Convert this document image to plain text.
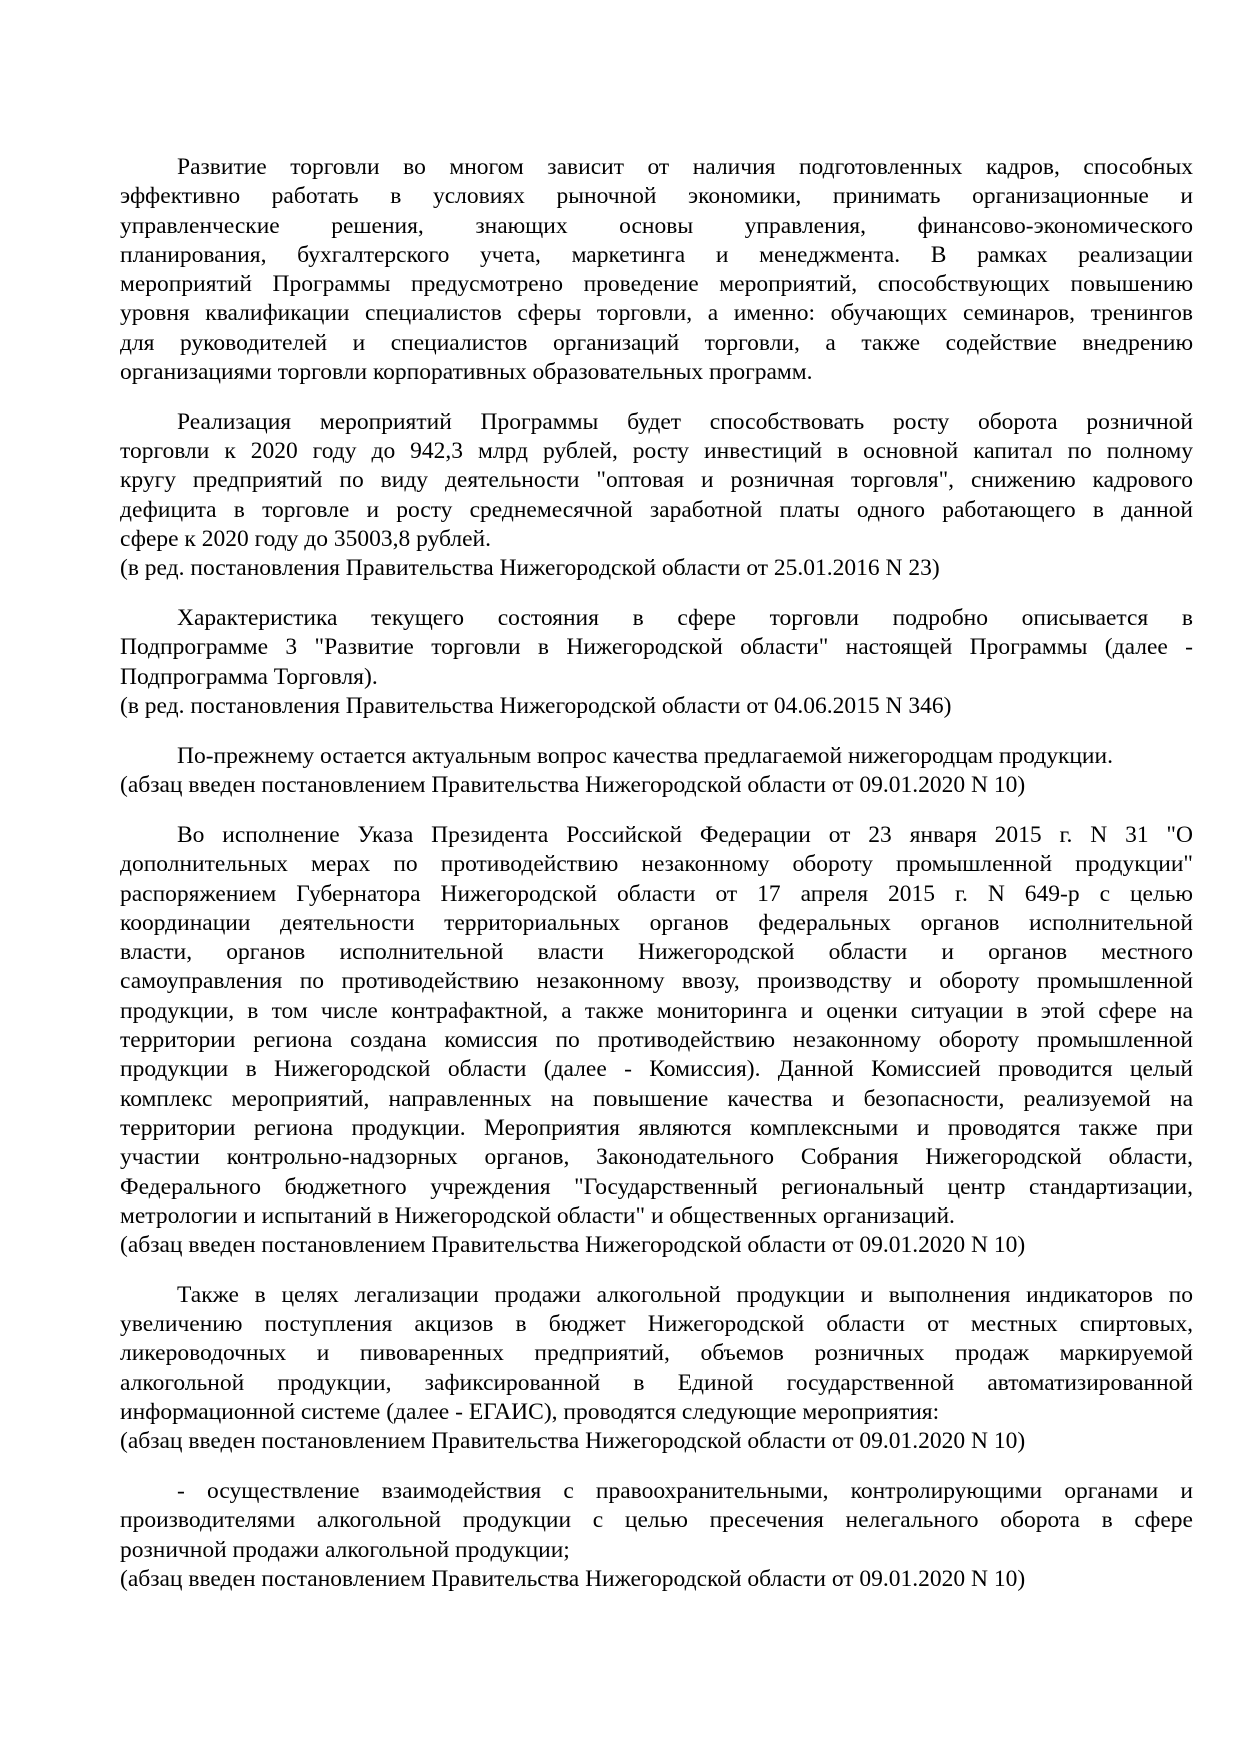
Развитие торговли во многом зависит от наличия подготовленных кадров, способных
эффективно работать в условиях рыночной экономики, принимать организационные и
управленческие решения, знающих основы управления, финансово-экономического
планирования, бухгалтерского учета, маркетинга и менеджмента. В рамках реализации
мероприятий Программы предусмотрено проведение мероприятий, способствующих повышению
уровня квалификации специалистов сферы торговли, а именно: обучающих семинаров, тренингов
для руководителей и специалистов организаций торговли, а также содействие внедрению
организациями торговли корпоративных образовательных программ.
Реализация мероприятий Программы будет способствовать росту оборота розничной
торговли к 2020 году до 942,3 млрд рублей, росту инвестиций в основной капитал по полному
кругу предприятий по виду деятельности "оптовая и розничная торговля", снижению кадрового
дефицита в торговле и росту среднемесячной заработной платы одного работающего в данной
сфере к 2020 году до 35003,8 рублей.
(в ред. постановления Правительства Нижегородской области от 25.01.2016 N 23)
Характеристика текущего состояния в сфере торговли подробно описывается в
Подпрограмме 3 "Развитие торговли в Нижегородской области" настоящей Программы (далее -
Подпрограмма Торговля).
(в ред. постановления Правительства Нижегородской области от 04.06.2015 N 346)
По-прежнему остается актуальным вопрос качества предлагаемой нижегородцам продукции.
(абзац введен постановлением Правительства Нижегородской области от 09.01.2020 N 10)
Во исполнение Указа Президента Российской Федерации от 23 января 2015 г. N 31 "О
дополнительных мерах по противодействию незаконному обороту промышленной продукции"
распоряжением Губернатора Нижегородской области от 17 апреля 2015 г. N 649-р с целью
координации деятельности территориальных органов федеральных органов исполнительной
власти, органов исполнительной власти Нижегородской области и органов местного
самоуправления по противодействию незаконному ввозу, производству и обороту промышленной
продукции, в том числе контрафактной, а также мониторинга и оценки ситуации в этой сфере на
территории региона создана комиссия по противодействию незаконному обороту промышленной
продукции в Нижегородской области (далее - Комиссия). Данной Комиссией проводится целый
комплекс мероприятий, направленных на повышение качества и безопасности, реализуемой на
территории региона продукции. Мероприятия являются комплексными и проводятся также при
участии контрольно-надзорных органов, Законодательного Собрания Нижегородской области,
Федерального бюджетного учреждения "Государственный региональный центр стандартизации,
метрологии и испытаний в Нижегородской области" и общественных организаций.
(абзац введен постановлением Правительства Нижегородской области от 09.01.2020 N 10)
Также в целях легализации продажи алкогольной продукции и выполнения индикаторов по
увеличению поступления акцизов в бюджет Нижегородской области от местных спиртовых,
ликероводочных и пивоваренных предприятий, объемов розничных продаж маркируемой
алкогольной продукции, зафиксированной в Единой государственной автоматизированной
информационной системе (далее - ЕГАИС), проводятся следующие мероприятия:
(абзац введен постановлением Правительства Нижегородской области от 09.01.2020 N 10)
- осуществление взаимодействия с правоохранительными, контролирующими органами и
производителями алкогольной продукции с целью пресечения нелегального оборота в сфере
розничной продажи алкогольной продукции;
(абзац введен постановлением Правительства Нижегородской области от 09.01.2020 N 10)
